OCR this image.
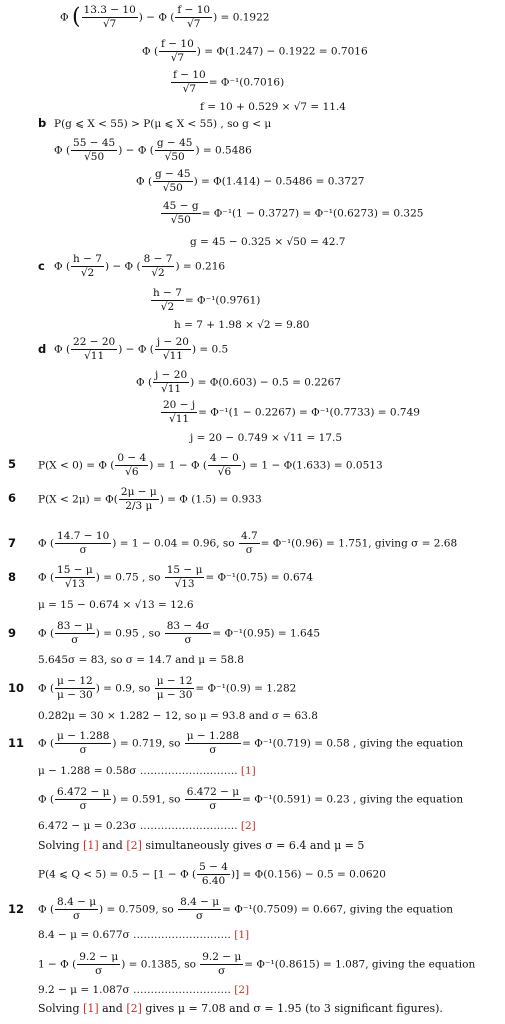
Φ ( $\frac{13.3 - 10}{√7}$ ) − Φ ( $\frac{f - 10}{√7}$ ) = 0.1922
Φ ( $\frac{f - 10}{√7}$ ) = Φ(1.247) − 0.1922 = 0.7016
$\frac{f - 10}{√7} = \Phi^{-1}(0.7016)$
f = 10 + 0.529 × √7 = 11.4
b P(g ⩽ X < 55) > P(μ ⩽ X < 55) , so g < μ
Φ ( $\frac{55 - 45}{√50}$ ) − Φ ( $\frac{g - 45}{√50}$ ) = 0.5486
Φ ( $\frac{g - 45}{√50}$ ) = Φ(1.414) − 0.5486 = 0.3727
$\frac{45 - g}{√50} = \Phi^{-1}(1 - 0.3727) = \Phi^{-1}(0.6273) = 0.325$
g = 45 − 0.325 × √50 = 42.7
c Φ ( $\frac{h - 7}{√2}$ ) − Φ ( $\frac{8 - 7}{√2}$ ) = 0.216
$\frac{h - 7}{√2} = \Phi^{-1}(0.9761)$
h = 7 + 1.98 × √2 = 9.80
d Φ ( $\frac{22 - 20}{√11}$ ) − Φ ( $\frac{j - 20}{√11}$ ) = 0.5
Φ ( $\frac{j - 20}{√11}$ ) = Φ(0.603) − 0.5 = 0.2267
$\frac{20 - j}{√11} = \Phi^{-1}(1 - 0.2267) = \Phi^{-1}(0.7733) = 0.749$
j = 20 − 0.749 × √11 = 17.5
5 P(X < 0) = Φ ( $\frac{0 - 4}{√6}$ ) = 1 − Φ ( $\frac{4 - 0}{√6}$ ) = 1 − Φ(1.633) = 0.0513
6 $P(X < 2\mu) = \Phi( \frac{2\mu - \mu}{2/3 \mu}$ ) = Φ (1.5) = 0.933
7 Φ ( $\frac{14.7 - 10}{\sigma}$ ) = 1 − 0.04 = 0.96, so $\frac{4.7}{\sigma} = \Phi^{-1}(0.96) = 1.751$, giving σ = 2.68
8 Φ ( $\frac{15 - \mu}{√13}$ ) = 0.75 , so $\frac{15 - \mu}{√13} = \Phi^{-1}(0.75) = 0.674$
μ = 15 − 0.674 × √13 = 12.6
9 Φ ( $\frac{83 - \mu}{\sigma}$ ) = 0.95 , so $\frac{83 - 4\sigma}{\sigma} = \Phi^{-1}(0.95) = 1.645$
5.645σ = 83, so σ = 14.7 and μ = 58.8
10 Φ ( $\frac{\mu - 12}{\mu - 30}$ ) = 0.9, so $\frac{\mu - 12}{\mu - 30} = \Phi^{-1}(0.9) = 1.282$
0.282μ = 30 × 1.282 − 12, so μ = 93.8 and σ = 63.8
11 Φ ( $\frac{\mu - 1.288}{\sigma}$ ) = 0.719, so $\frac{\mu - 1.288}{\sigma} = \Phi^{-1}(0.719) = 0.58$ , giving the equation
μ − 1.288 = 0.58σ ………………………. [1]
Φ ( $\frac{6.472 - \mu}{\sigma}$ ) = 0.591, so $\frac{6.472 - \mu}{\sigma} = \Phi^{-1}(0.591) = 0.23$ , giving the equation
6.472 − μ = 0.23σ ………………………. [2]
Solving [1] and [2] simultaneously gives σ = 6.4 and μ = 5
P(4 ⩽ Q < 5) = 0.5 − [1 − Φ ( $\frac{5 - 4}{6.40}$ )] = Φ(0.156) − 0.5 = 0.0620
12 Φ ( $\frac{8.4 - \mu}{\sigma}$ ) = 0.7509, so $\frac{8.4 - \mu}{\sigma} = \Phi^{-1}(0.7509) = 0.667$, giving the equation
8.4 − μ = 0.677σ ………………………. [1]
1 − Φ ( $\frac{9.2 - \mu}{\sigma}$ ) = 0.1385, so $\frac{9.2 - \mu}{\sigma} = \Phi^{-1}(0.8615) = 1.087$, giving the equation
9.2 − μ = 1.087σ ………………………. [2]
Solving [1] and [2] gives μ = 7.08 and σ = 1.95 (to 3 significant figures).
